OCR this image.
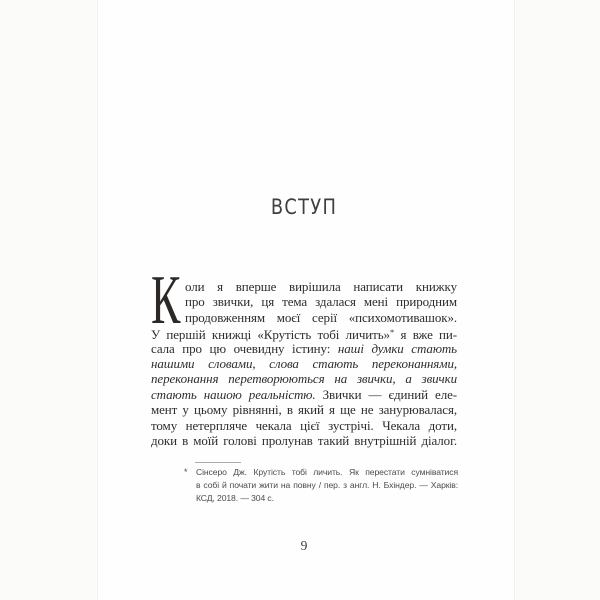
ВСТУП
К оли я вперше вирішила написати книжку
про звички, ця тема здалася мені природним
продовженням моєї серії «психомотивашок».
У першій книжці «Крутість тобі личить»* я вже пи-
сала про цю очевидну істину: наші думки стають
нашими словами, слова стають переконаннями,
переконання перетворюються на звички, а звички
стають нашою реальністю. Звички — єдиний еле-
мент у цьому рівнянні, в який я ще не занурювалася,
тому нетерпляче чекала цієї зустрічі. Чекала доти,
доки в моїй голові пролунав такий внутрішній діалог.
* Сінсеро Дж. Крутість тобі личить. Як перестати сумніватися
в собі й почати жити на повну / пер. з англ. Н. Бхіндер. — Харків:
КСД, 2018. — 304 с.
9
